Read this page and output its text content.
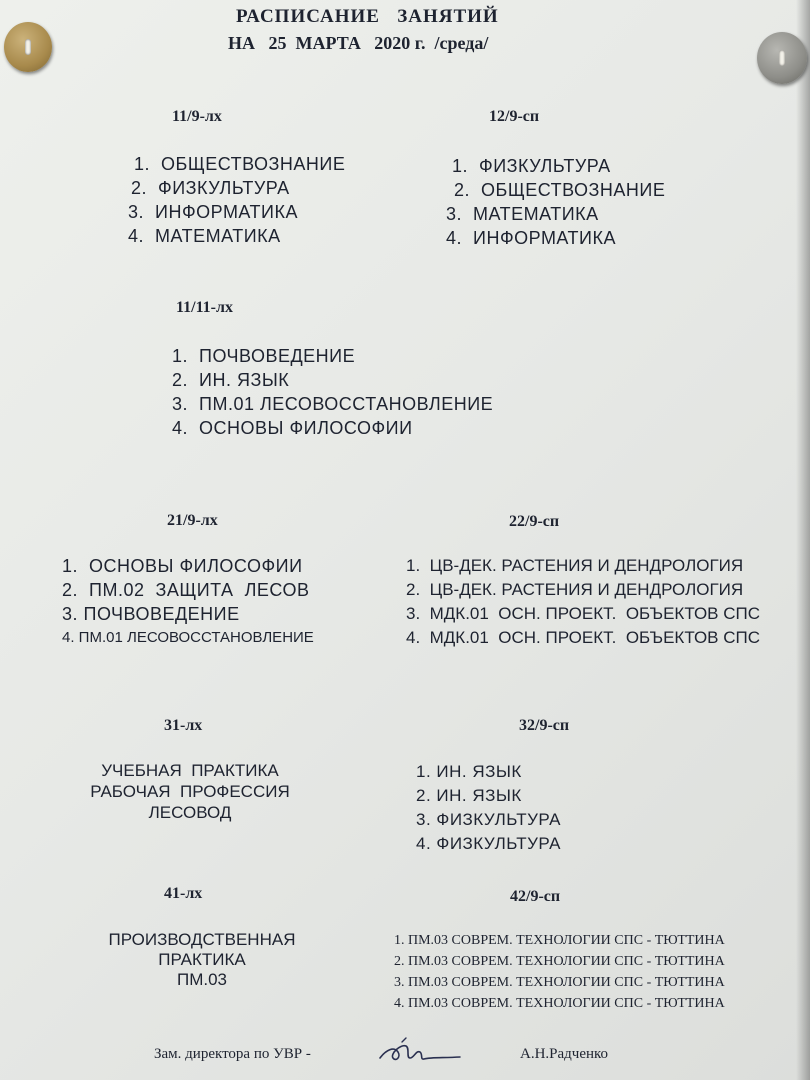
РАСПИСАНИЕ   ЗАНЯТИЙ
НА   25  МАРТА   2020 г.  /среда/
11/9-лх
1.  ОБЩЕСТВОЗНАНИЕ
2.  ФИЗКУЛЬТУРА
3.  ИНФОРМАТИКА
4.  МАТЕМАТИКА
12/9-сп
1.  ФИЗКУЛЬТУРА
2.  ОБЩЕСТВОЗНАНИЕ
3.  МАТЕМАТИКА
4.  ИНФОРМАТИКА
11/11-лх
1.  ПОЧВОВЕДЕНИЕ
2.  ИН. ЯЗЫК
3.  ПМ.01 ЛЕСОВОССТАНОВЛЕНИЕ
4.  ОСНОВЫ ФИЛОСОФИИ
21/9-лх
1.  ОСНОВЫ ФИЛОСОФИИ
2.  ПМ.02  ЗАЩИТА  ЛЕСОВ
3. ПОЧВОВЕДЕНИЕ
4. ПМ.01 ЛЕСОВОССТАНОВЛЕНИЕ
22/9-сп
1.  ЦВ-ДЕК. РАСТЕНИЯ И ДЕНДРОЛОГИЯ
2.  ЦВ-ДЕК. РАСТЕНИЯ И ДЕНДРОЛОГИЯ
3.  МДК.01  ОСН. ПРОЕКТ.  ОБЪЕКТОВ СПС
4.  МДК.01  ОСН. ПРОЕКТ.  ОБЪЕКТОВ СПС
31-лх
УЧЕБНАЯ  ПРАКТИКА
РАБОЧАЯ  ПРОФЕССИЯ
ЛЕСОВОД
32/9-сп
1. ИН. ЯЗЫК
2. ИН. ЯЗЫК
3. ФИЗКУЛЬТУРА
4. ФИЗКУЛЬТУРА
41-лх
ПРОИЗВОДСТВЕННАЯ
ПРАКТИКА
ПМ.03
42/9-сп
1. ПМ.03 СОВРЕМ. ТЕХНОЛОГИИ СПС - ТЮТТИНА
2. ПМ.03 СОВРЕМ. ТЕХНОЛОГИИ СПС - ТЮТТИНА
3. ПМ.03 СОВРЕМ. ТЕХНОЛОГИИ СПС - ТЮТТИНА
4. ПМ.03 СОВРЕМ. ТЕХНОЛОГИИ СПС - ТЮТТИНА
Зам. директора по УВР -	А.Н.Радченко
